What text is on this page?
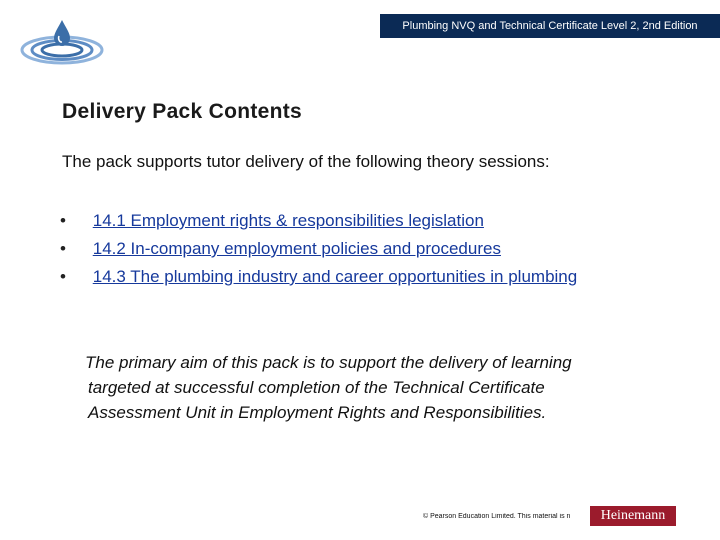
Plumbing NVQ and Technical Certificate Level 2, 2nd Edition
Delivery Pack Contents

The pack supports tutor delivery of the following theory sessions:

• 14.1 Employment rights & responsibilities legislation
• 14.2 In-company employment policies and procedures
• 14.3 The plumbing industry and career opportunities in plumbing

The primary aim of this pack is to support the delivery of learning
targeted at successful completion of the Technical Certificate
Assessment Unit in Employment Rights and Responsibilities.

© Pearson Education Limited. This material is n	Heinemann
